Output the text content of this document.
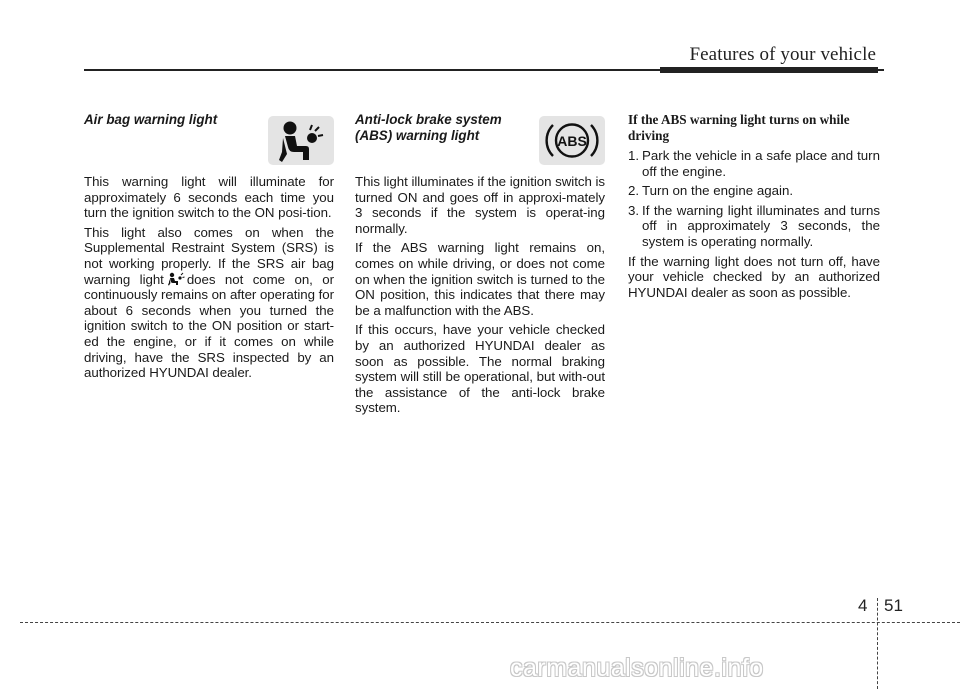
Features of your vehicle
Air bag warning light

This warning light will illuminate for approximately 6 seconds each time you turn the ignition switch to the ON posi-tion.

This light also comes on when the Supplemental Restraint System (SRS) is not working properly. If the SRS air bag warning light does not come on, or continuously remains on after operating for about 6 seconds when you turned the ignition switch to the ON position or start-ed the engine, or if it comes on while driving, have the SRS inspected by an authorized HYUNDAI dealer.

Anti-lock brake system
(ABS) warning light	ABS

This light illuminates if the ignition switch is turned ON and goes off in approxi-mately 3 seconds if the system is operat-ing normally.

If the ABS warning light remains on, comes on while driving, or does not come on when the ignition switch is turned to the ON position, this indicates that there may be a malfunction with the ABS.

If this occurs, have your vehicle checked by an authorized HYUNDAI dealer as soon as possible. The normal braking system will still be operational, but with-out the assistance of the anti-lock brake system.

If the ABS warning light turns on while driving
1. Park the vehicle in a safe place and turn off the engine.
2. Turn on the engine again.
3. If the warning light illuminates and turns off in approximately 3 seconds, the system is operating normally.

If the warning light does not turn off, have your vehicle checked by an authorized HYUNDAI dealer as soon as possible.

4 51
carmanualsonline.info
